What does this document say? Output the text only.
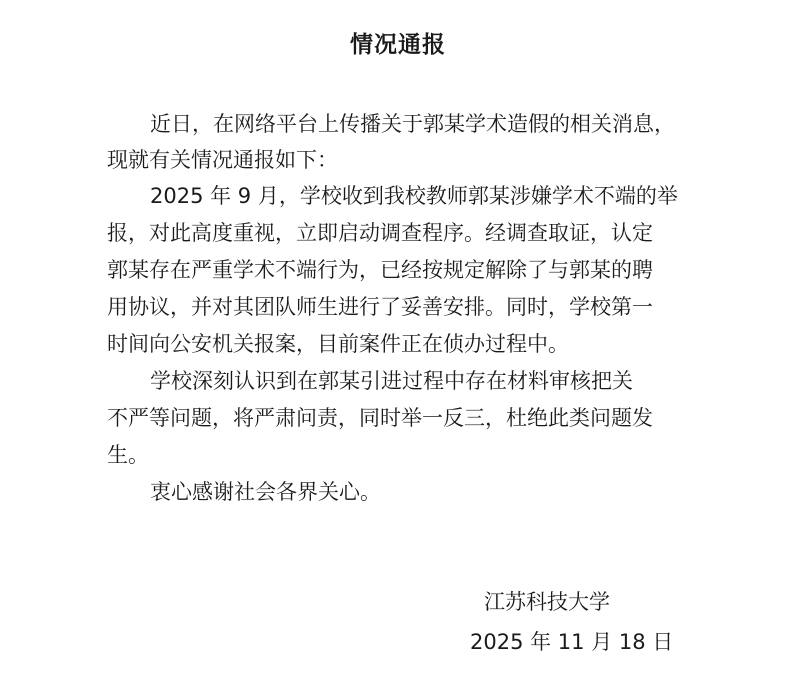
情况通报
近日，在网络平台上传播关于郭某学术造假的相关消息，
现就有关情况通报如下：
2025 年 9 月，学校收到我校教师郭某涉嫌学术不端的举
报，对此高度重视，立即启动调查程序。经调查取证，认定
郭某存在严重学术不端行为，已经按规定解除了与郭某的聘
用协议，并对其团队师生进行了妥善安排。同时，学校第一
时间向公安机关报案，目前案件正在侦办过程中。
学校深刻认识到在郭某引进过程中存在材料审核把关
不严等问题，将严肃问责，同时举一反三，杜绝此类问题发
生。
衷心感谢社会各界关心。
江苏科技大学
2025 年 11 月 18 日
